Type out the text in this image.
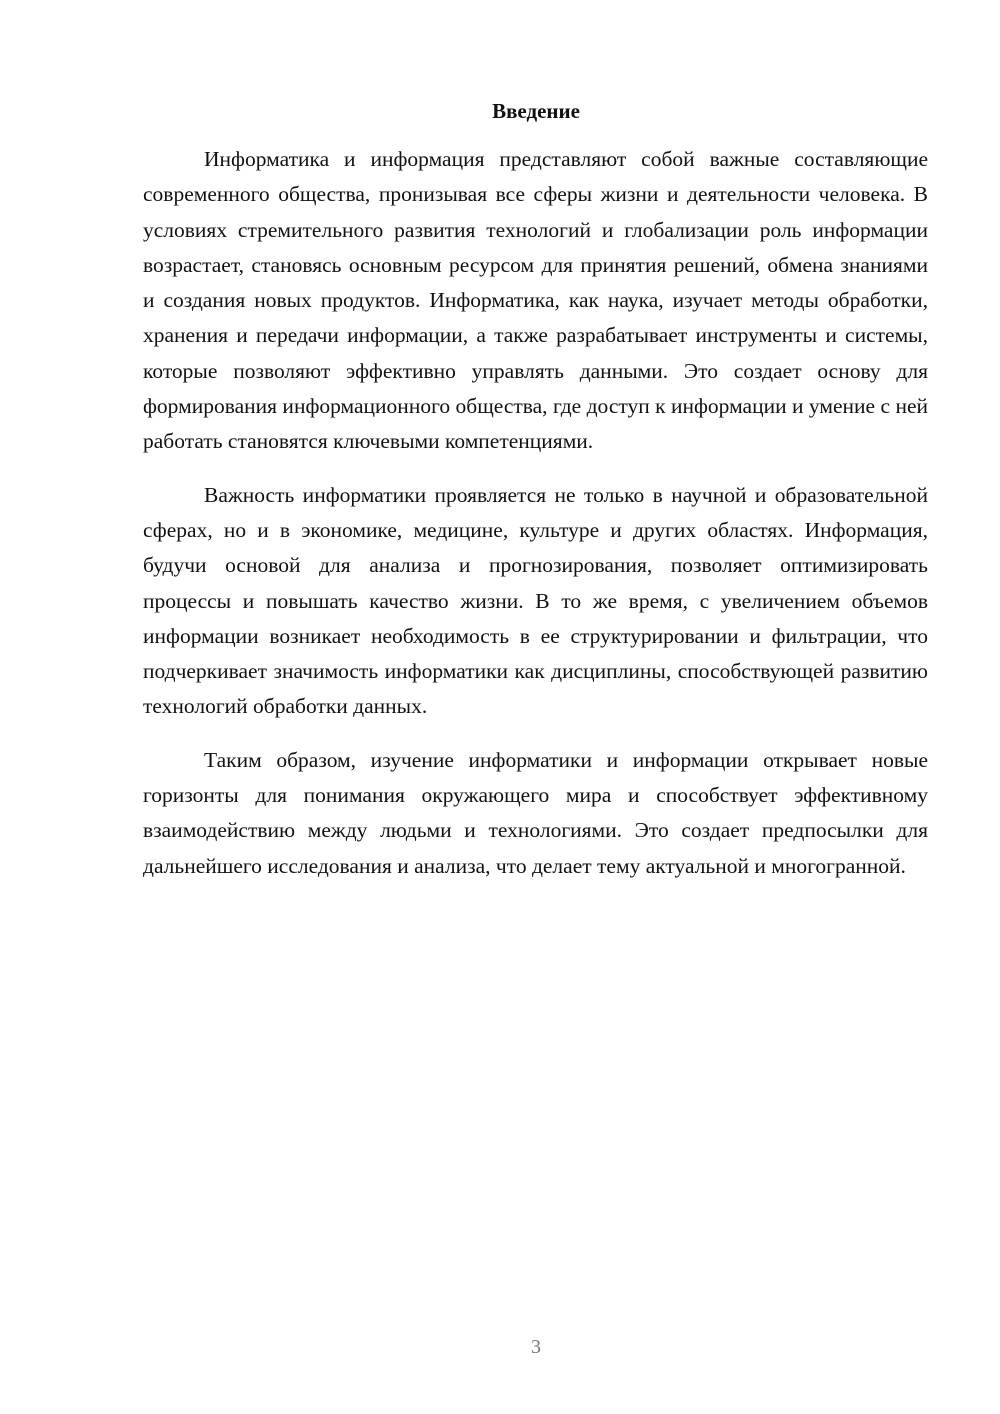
Введение

Информатика и информация представляют собой важные составляющие современного общества, пронизывая все сферы жизни и деятельности человека. В условиях стремительного развития технологий и глобализации роль информации возрастает, становясь основным ресурсом для принятия решений, обмена знаниями и создания новых продуктов. Информатика, как наука, изучает методы обработки, хранения и передачи информации, а также разрабатывает инструменты и системы, которые позволяют эффективно управлять данными. Это создает основу для формирования информационного общества, где доступ к информации и умение с ней работать становятся ключевыми компетенциями.

Важность информатики проявляется не только в научной и образовательной сферах, но и в экономике, медицине, культуре и других областях. Информация, будучи основой для анализа и прогнозирования, позволяет оптимизировать процессы и повышать качество жизни. В то же время, с увеличением объемов информации возникает необходимость в ее структурировании и фильтрации, что подчеркивает значимость информатики как дисциплины, способствующей развитию технологий обработки данных.

Таким образом, изучение информатики и информации открывает новые горизонты для понимания окружающего мира и способствует эффективному взаимодействию между людьми и технологиями. Это создает предпосылки для дальнейшего исследования и анализа, что делает тему актуальной и многогранной.

3
